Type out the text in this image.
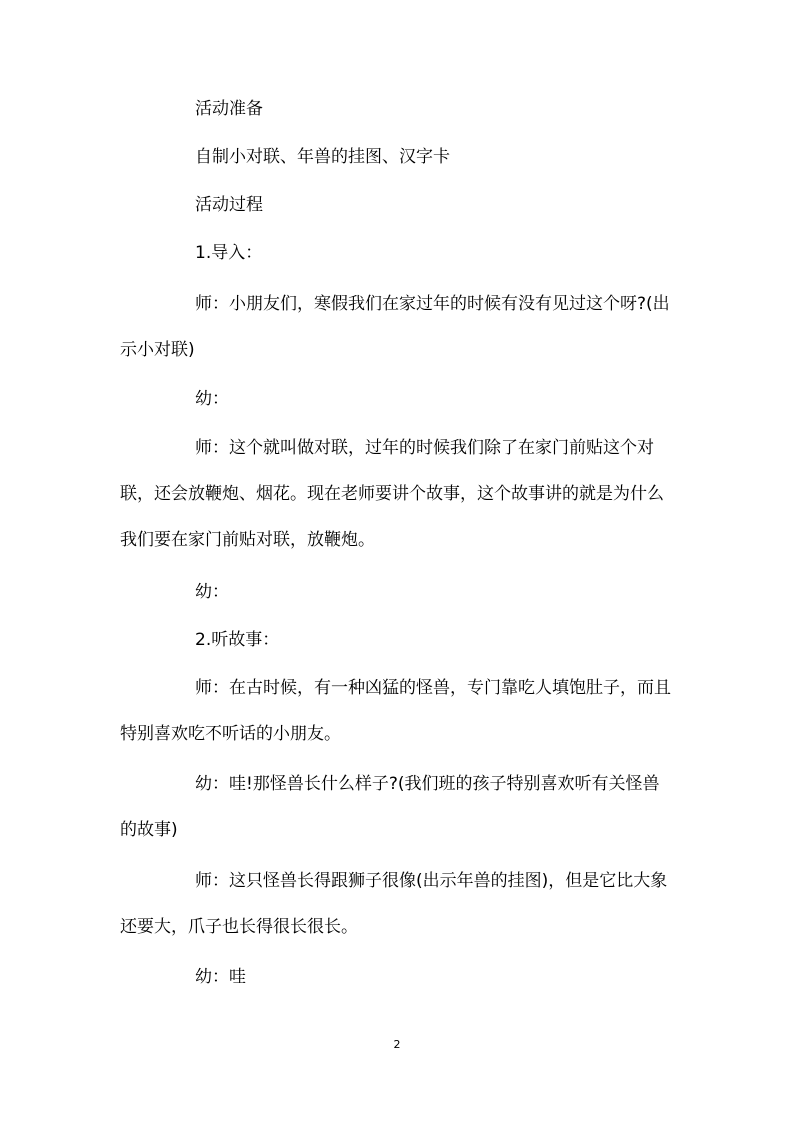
活动准备

自制小对联、年兽的挂图、汉字卡

活动过程

1.导入：

师：小朋友们，寒假我们在家过年的时候有没有见过这个呀?(出示小对联)

幼：

师：这个就叫做对联，过年的时候我们除了在家门前贴这个对联，还会放鞭炮、烟花。现在老师要讲个故事，这个故事讲的就是为什么我们要在家门前贴对联，放鞭炮。

幼：

2.听故事：

师：在古时候，有一种凶猛的怪兽，专门靠吃人填饱肚子，而且特别喜欢吃不听话的小朋友。

幼：哇!那怪兽长什么样子?(我们班的孩子特别喜欢听有关怪兽的故事)

师：这只怪兽长得跟狮子很像(出示年兽的挂图)，但是它比大象还要大，爪子也长得很长很长。

幼：哇

2
